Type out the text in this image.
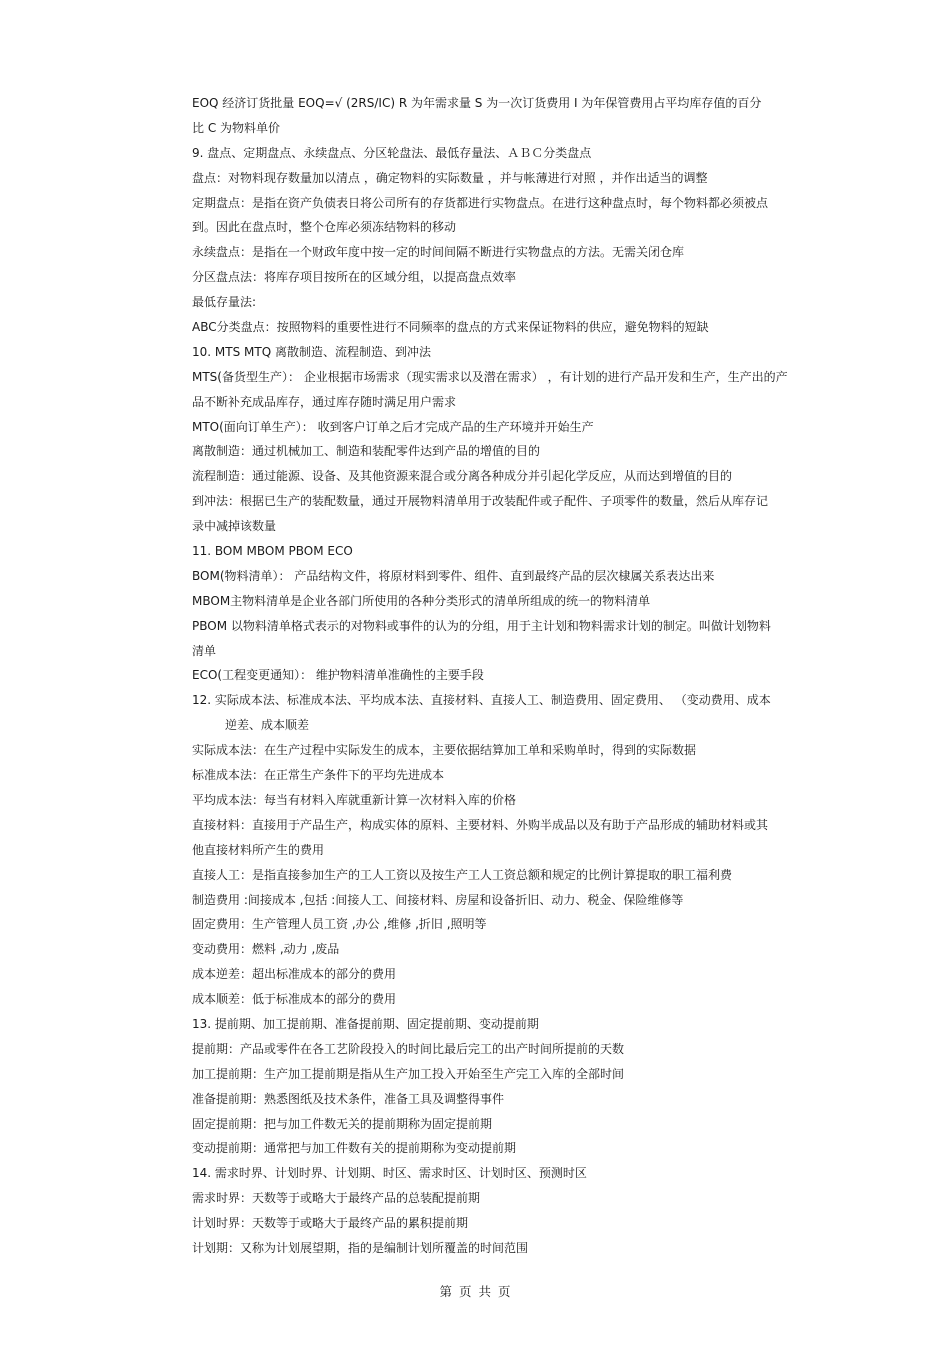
EOQ 经济订货批量 EOQ=√ (2RS/IC) R 为年需求量 S 为一次订货费用 I 为年保管费用占平均库存值的百分
比 C 为物料单价
9. 盘点、定期盘点、永续盘点、分区轮盘法、最低存量法、ＡＢＣ分类盘点
盘点：对物料现存数量加以清点 ，确定物料的实际数量 ，并与帐薄进行对照 ，并作出适当的调整
定期盘点：是指在资产负债表日将公司所有的存货都进行实物盘点。在进行这种盘点时，每个物料都必须被点
到。因此在盘点时，整个仓库必须冻结物料的移动
永续盘点：是指在一个财政年度中按一定的时间间隔不断进行实物盘点的方法。无需关闭仓库
分区盘点法：将库存项目按所在的区域分组，以提高盘点效率
最低存量法:
ABC分类盘点：按照物料的重要性进行不同频率的盘点的方式来保证物料的供应，避免物料的短缺
10. MTS MTQ 离散制造、流程制造、到冲法
MTS(备货型生产）： 企业根据市场需求（现实需求以及潜在需求） ，有计划的进行产品开发和生产，生产出的产
品不断补充成品库存，通过库存随时满足用户需求
MTO(面向订单生产）： 收到客户订单之后才完成产品的生产环境并开始生产
离散制造：通过机械加工、制造和装配零件达到产品的增值的目的
流程制造：通过能源、设备、及其他资源来混合或分离各种成分并引起化学反应，从而达到增值的目的
到冲法：根据已生产的装配数量，通过开展物料清单用于改装配件或子配件、子项零件的数量，然后从库存记
录中减掉该数量
11. BOM MBOM PBOM ECO
BOM(物料清单）： 产品结构文件，将原材料到零件、组件、直到最终产品的层次棣属关系表达出来
MBOM主物料清单是企业各部门所使用的各种分类形式的清单所组成的统一的物料清单
PBOM 以物料清单格式表示的对物料或事件的认为的分组，用于主计划和物料需求计划的制定。叫做计划物料
清单
ECO(工程变更通知）： 维护物料清单准确性的主要手段
12. 实际成本法、标准成本法、平均成本法、直接材料、直接人工、制造费用、固定费用、 （变动费用、成本
逆差、成本顺差
实际成本法：在生产过程中实际发生的成本，主要依据结算加工单和采购单时，得到的实际数据
标准成本法：在正常生产条件下的平均先进成本
平均成本法：每当有材料入库就重新计算一次材料入库的价格
直接材料：直接用于产品生产，构成实体的原料、主要材料、外购半成品以及有助于产品形成的辅助材料或其
他直接材料所产生的费用
直接人工：是指直接参加生产的工人工资以及按生产工人工资总额和规定的比例计算提取的职工福利费
制造费用 :间接成本 ,包括 :间接人工、间接材料、房屋和设备折旧、动力、税金、保险维修等
固定费用：生产管理人员工资 ,办公 ,维修 ,折旧 ,照明等
变动费用：燃料 ,动力 ,废品
成本逆差：超出标准成本的部分的费用
成本顺差：低于标准成本的部分的费用
13. 提前期、加工提前期、准备提前期、固定提前期、变动提前期
提前期：产品或零件在各工艺阶段投入的时间比最后完工的出产时间所提前的天数
加工提前期：生产加工提前期是指从生产加工投入开始至生产完工入库的全部时间
准备提前期：熟悉图纸及技术条件，准备工具及调整得事件
固定提前期：把与加工件数无关的提前期称为固定提前期
变动提前期：通常把与加工件数有关的提前期称为变动提前期
14. 需求时界、计划时界、计划期、时区、需求时区、计划时区、预测时区
需求时界：天数等于或略大于最终产品的总装配提前期
计划时界：天数等于或略大于最终产品的累积提前期
计划期：又称为计划展望期，指的是编制计划所覆盖的时间范围
第 页 共 页
